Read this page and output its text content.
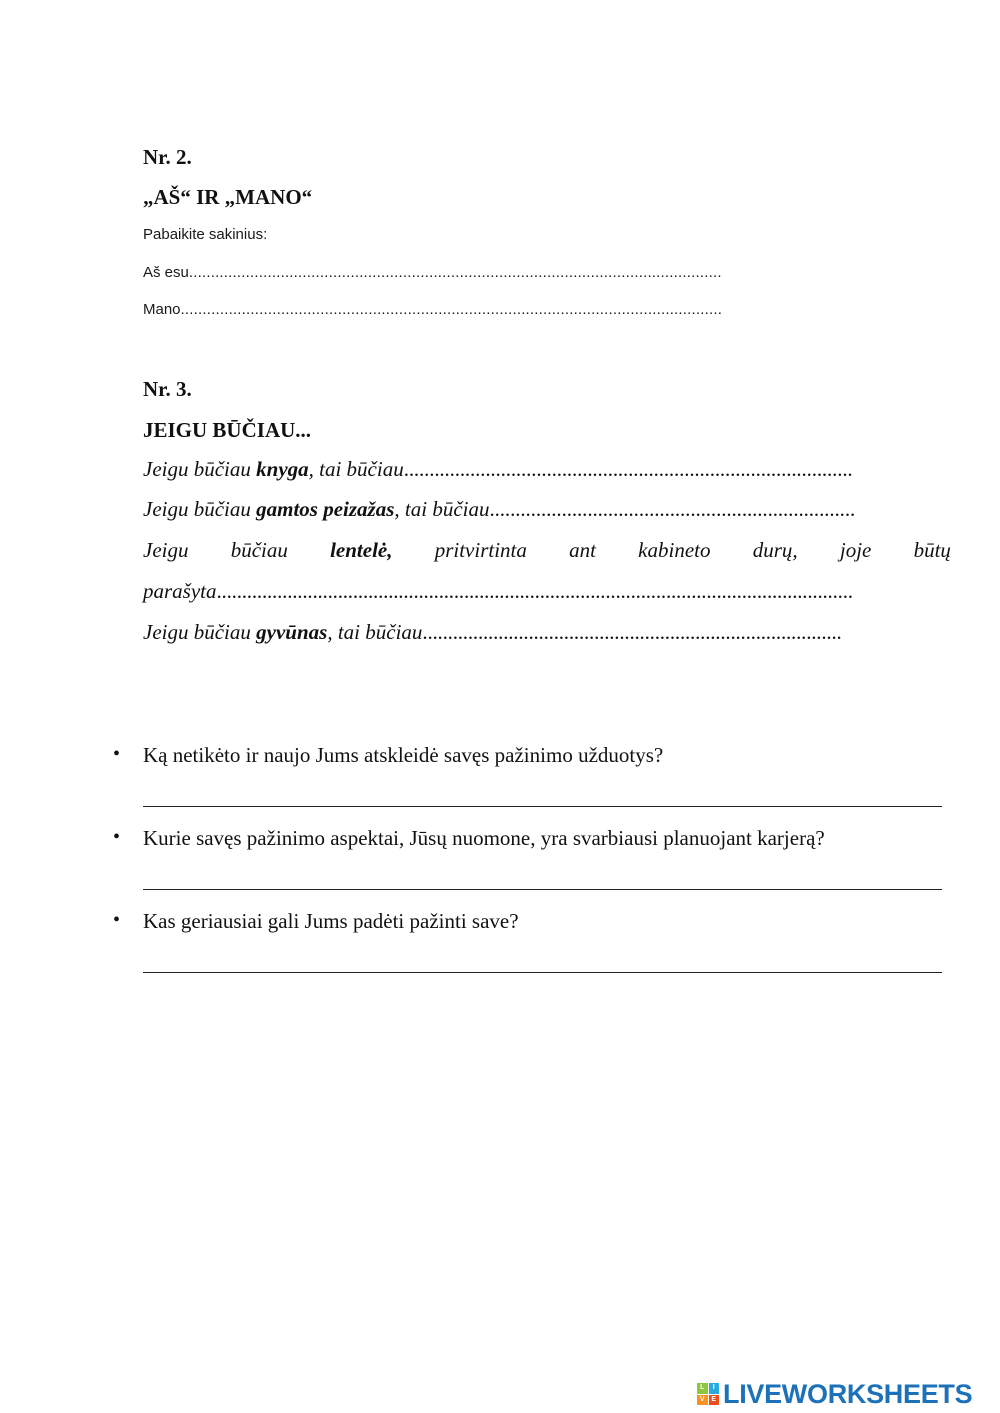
Nr. 2.
„AŠ“ IR „MANO“
Pabaikite sakinius:
Aš esu..........................................................................................................................
Mano............................................................................................................................
Nr. 3.
JEIGU BŪČIAU...
Jeigu būčiau knyga, tai būčiau........................................................................................
Jeigu būčiau gamtos peizažas, tai būčiau.......................................................................
Jeigu būčiau lentelė, pritvirtinta ant kabineto durų, joje būtų
parašyta..............................................................................................................................
Jeigu būčiau gyvūnas, tai būčiau...................................................................................
• Ką netikėto ir naujo Jums atskleidė savęs pažinimo užduotys?
• Kurie savęs pažinimo aspektai, Jūsų nuomone, yra svarbiausi planuojant karjerą?
• Kas geriausiai gali Jums padėti pažinti save?
L	I
V E LIVEWORKSHEETS
